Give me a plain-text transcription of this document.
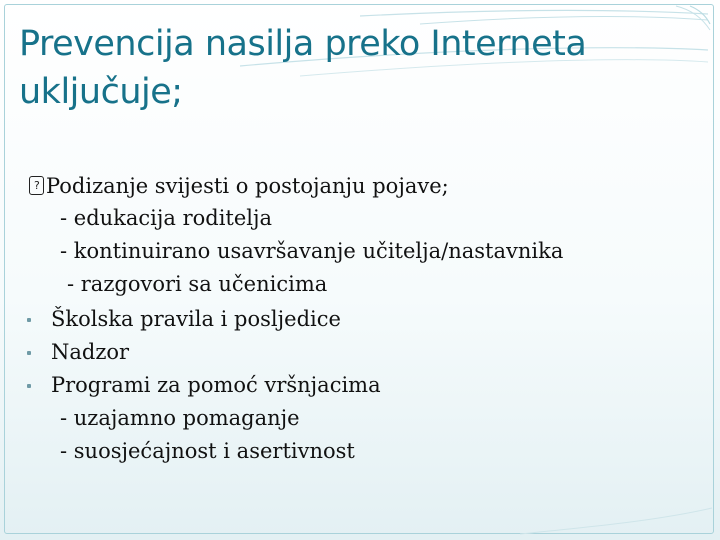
Prevencija nasilja preko Interneta uključuje;
? Podizanje svijesti o postojanju pojave;
- edukacija roditelja
- kontinuirano usavršavanje učitelja/nastavnika
- razgovori sa učenicima
Školska pravila i posljedice
Nadzor
Programi za pomoć vršnjacima
- uzajamno pomaganje
- suosjećajnost i asertivnost
